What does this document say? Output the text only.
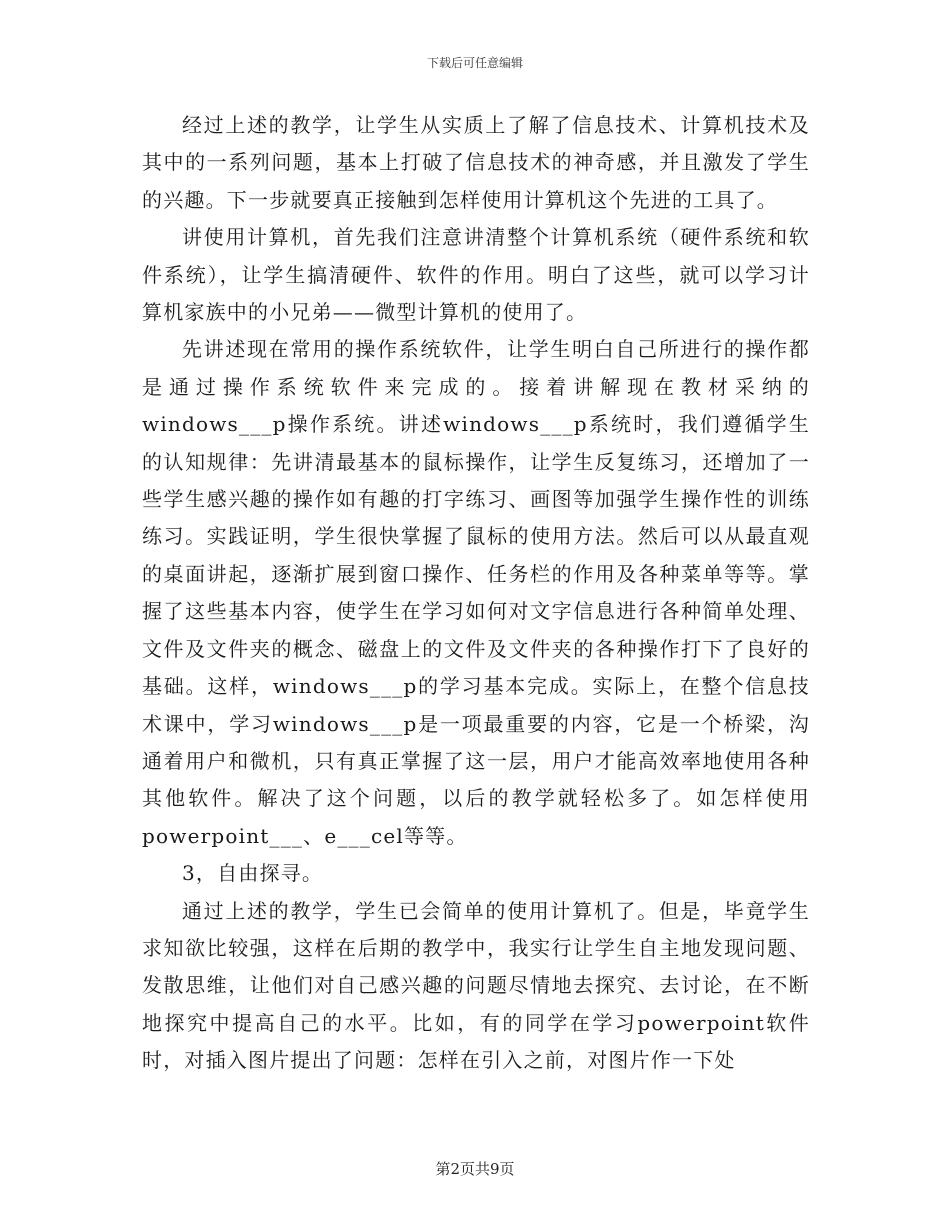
下载后可任意编辑

经过上述的教学，让学生从实质上了解了信息技术、计算机技术及其中的一系列问题，基本上打破了信息技术的神奇感，并且激发了学生的兴趣。下一步就要真正接触到怎样使用计算机这个先进的工具了。

讲使用计算机，首先我们注意讲清整个计算机系统（硬件系统和软件系统），让学生搞清硬件、软件的作用。明白了这些，就可以学习计算机家族中的小兄弟——微型计算机的使用了。

先讲述现在常用的操作系统软件，让学生明白自己所进行的操作都是通过操作系统软件来完成的。接着讲解现在教材采纳的windows___p操作系统。讲述windows___p系统时，我们遵循学生的认知规律：先讲清最基本的鼠标操作，让学生反复练习，还增加了一些学生感兴趣的操作如有趣的打字练习、画图等加强学生操作性的训练练习。实践证明，学生很快掌握了鼠标的使用方法。然后可以从最直观的桌面讲起，逐渐扩展到窗口操作、任务栏的作用及各种菜单等等。掌握了这些基本内容，使学生在学习如何对文字信息进行各种简单处理、文件及文件夹的概念、磁盘上的文件及文件夹的各种操作打下了良好的基础。这样，windows___p的学习基本完成。实际上，在整个信息技术课中，学习windows___p是一项最重要的内容，它是一个桥梁，沟通着用户和微机，只有真正掌握了这一层，用户才能高效率地使用各种其他软件。解决了这个问题，以后的教学就轻松多了。如怎样使用powerpoint___、e___cel等等。

3，自由探寻。

通过上述的教学，学生已会简单的使用计算机了。但是，毕竟学生求知欲比较强，这样在后期的教学中，我实行让学生自主地发现问题、发散思维，让他们对自己感兴趣的问题尽情地去探究、去讨论，在不断地探究中提高自己的水平。比如，有的同学在学习powerpoint软件时，对插入图片提出了问题：怎样在引入之前，对图片作一下处

第2页共9页
